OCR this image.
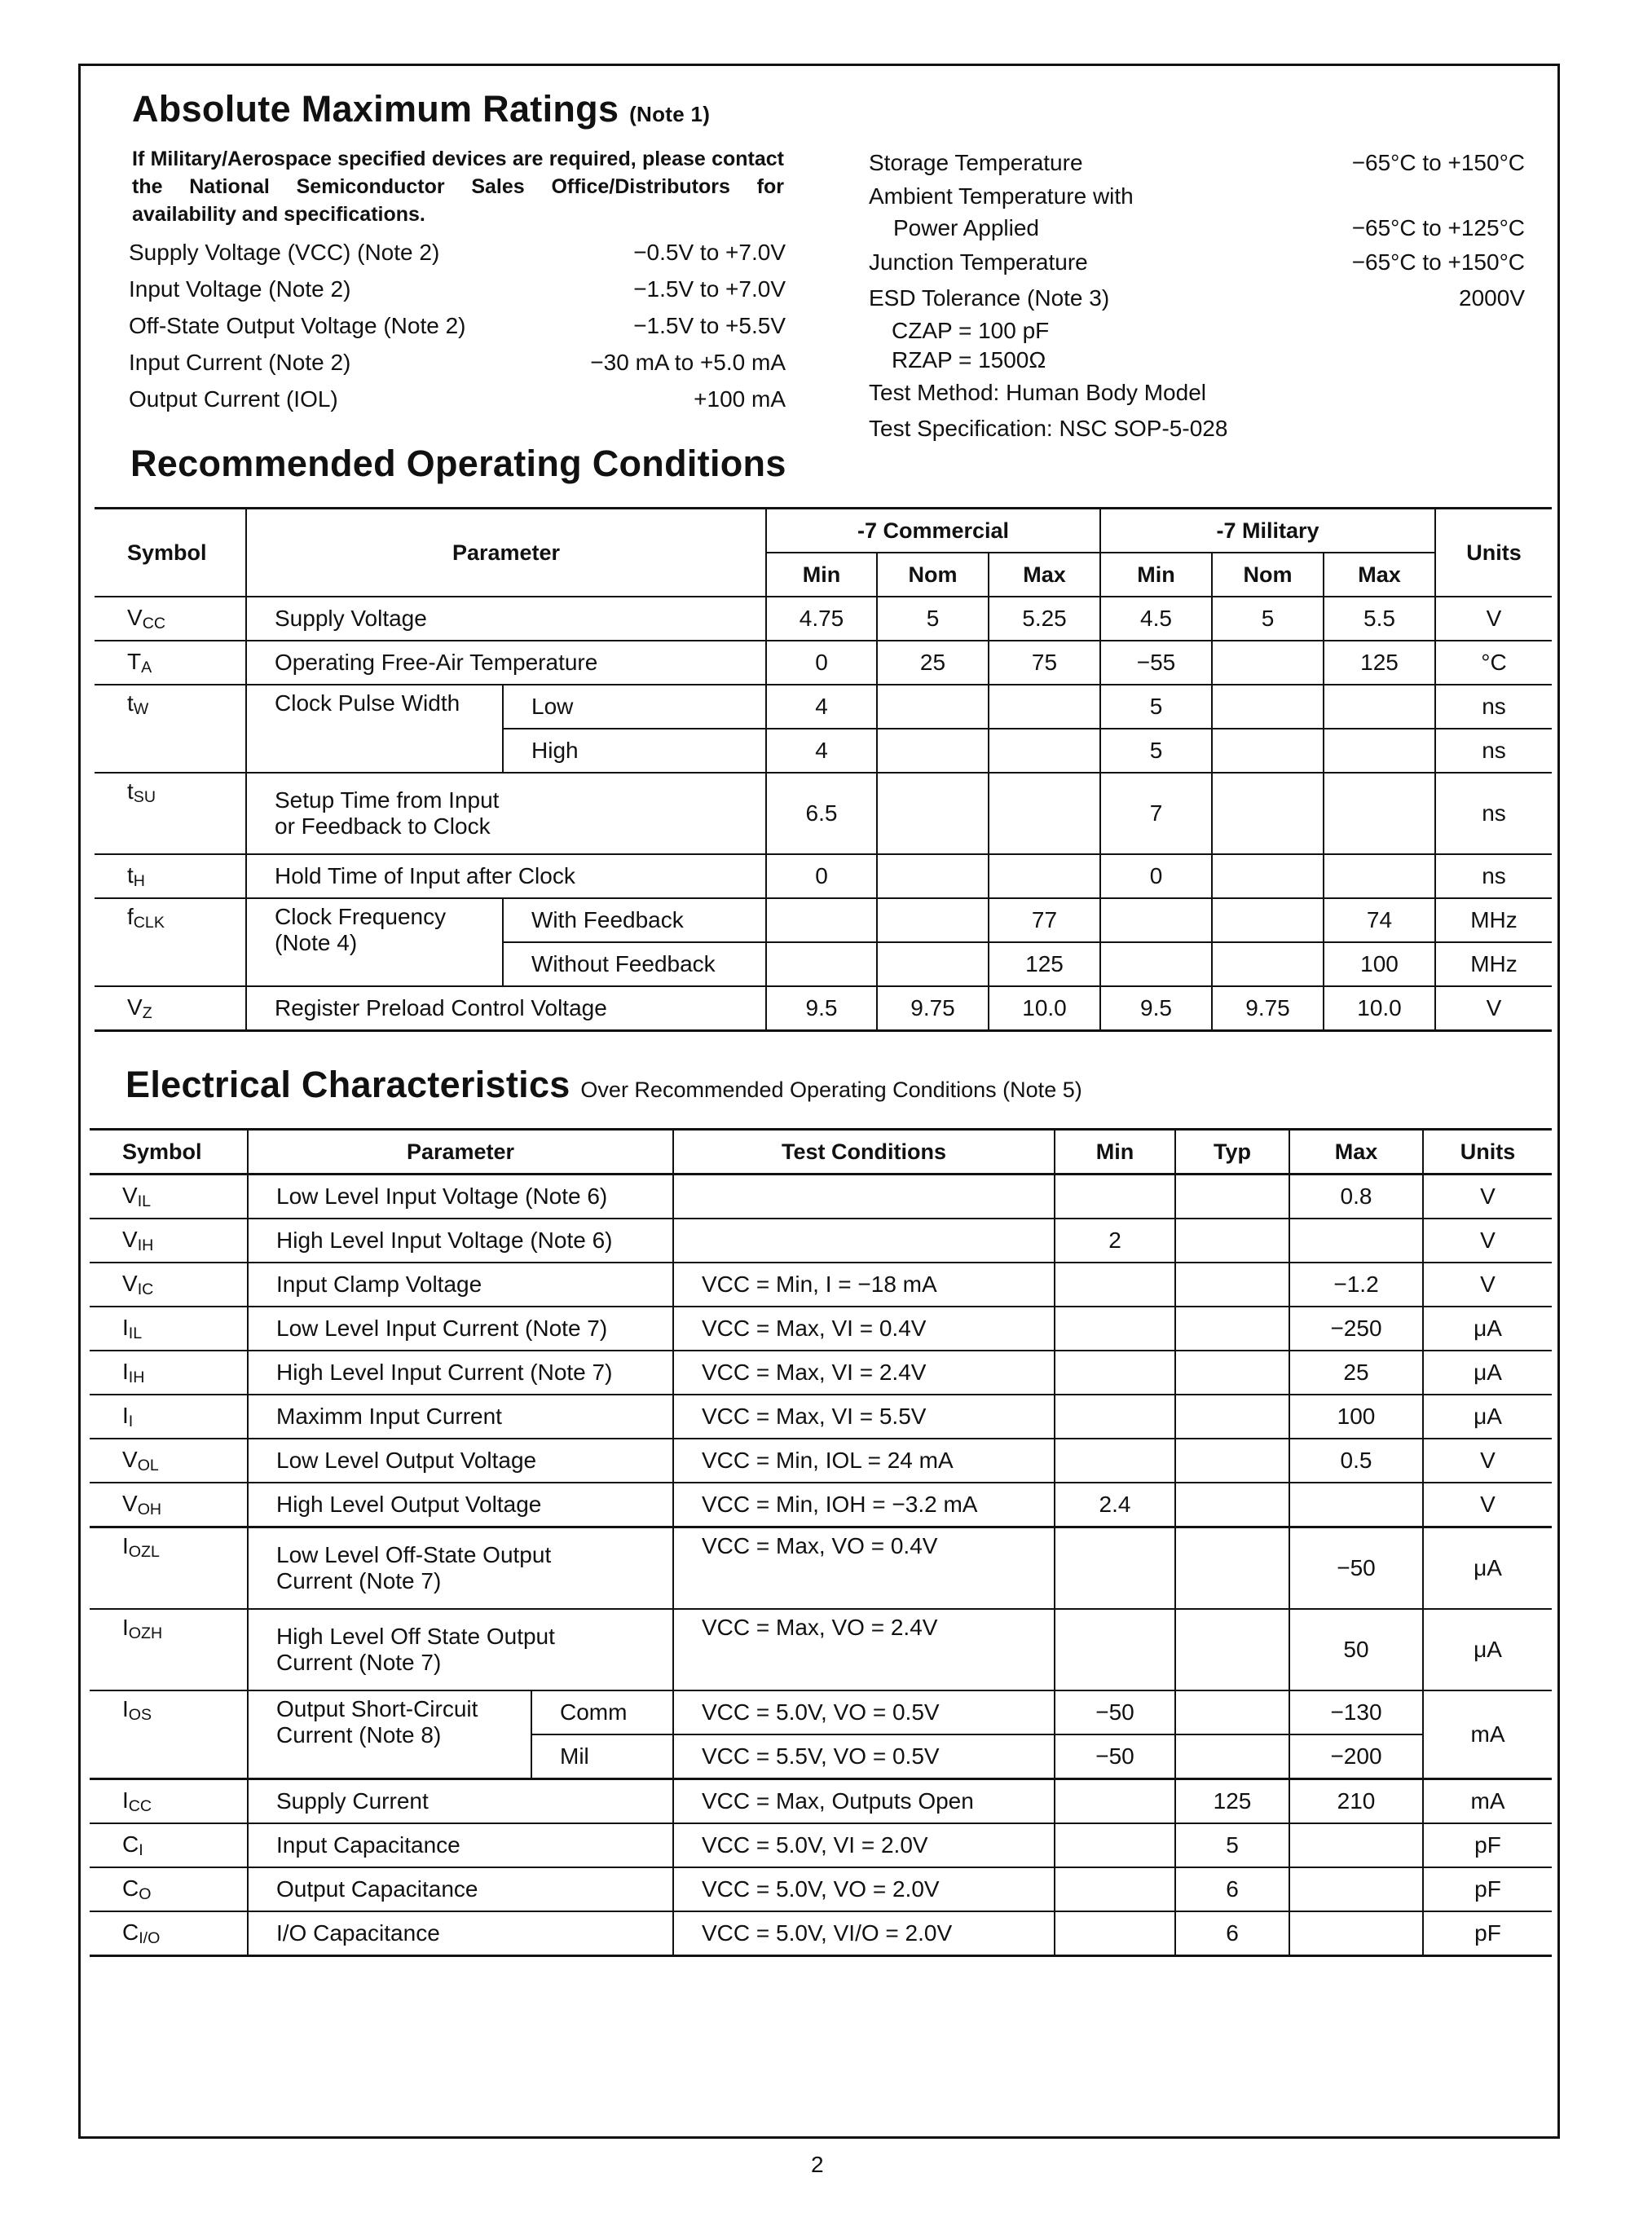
Absolute Maximum Ratings (Note 1)
If Military/Aerospace specified devices are required, please contact the National Semiconductor Sales Office/Distributors for availability and specifications.
Supply Voltage (VCC) (Note 2)	−0.5V to +7.0V
Input Voltage (Note 2)	−1.5V to +7.0V
Off-State Output Voltage (Note 2)	−1.5V to +5.5V
Input Current (Note 2)	−30 mA to +5.0 mA
Output Current (IOL)	+100 mA
Storage Temperature	−65°C to +150°C
Ambient Temperature with
Power Applied	−65°C to +125°C
Junction Temperature	−65°C to +150°C
ESD Tolerance (Note 3)	2000V
CZAP = 100 pF
RZAP = 1500Ω
Test Method: Human Body Model
Test Specification: NSC SOP-5-028
Recommended Operating Conditions
Symbol	Parameter		-7 Commercial			-7 Military			Units
			Min	Nom	Max	Min	Nom	Max	
VCC	Supply Voltage		4.75	5	5.25	4.5	5	5.5	V
TA	Operating Free-Air Temperature		0	25	75	−55		125	°C
tW	Clock Pulse Width	Low	4			5			ns
		High	4			5			ns
tSU	Setup Time from Input
or Feedback to Clock		6.5			7			ns
tH	Hold Time of Input after Clock		0			0			ns
fCLK	Clock Frequency
(Note 4)	With Feedback			77			74	MHz
		Without Feedback			125			100	MHz
VZ	Register Preload Control Voltage		9.5	9.75	10.0	9.5	9.75	10.0	V
Electrical Characteristics Over Recommended Operating Conditions (Note 5)
Symbol	Parameter		Test Conditions	Min	Typ	Max	Units
VIL	Low Level Input Voltage (Note 6)					0.8	V
VIH	High Level Input Voltage (Note 6)			2			V
VIC	Input Clamp Voltage		VCC = Min, I = −18 mA			−1.2	V
IIL	Low Level Input Current (Note 7)		VCC = Max, VI = 0.4V			−250	μA
IIH	High Level Input Current (Note 7)		VCC = Max, VI = 2.4V			25	μA
II	Maximm Input Current		VCC = Max, VI = 5.5V			100	μA
VOL	Low Level Output Voltage		VCC = Min, IOL = 24 mA			0.5	V
VOH	High Level Output Voltage		VCC = Min, IOH = −3.2 mA	2.4			V
IOZL	Low Level Off-State Output
Current (Note 7)		VCC = Max, VO = 0.4V			−50	μA
IOZH	High Level Off State Output
Current (Note 7)		VCC = Max, VO = 2.4V			50	μA
IOS	Output Short-Circuit
Current (Note 8)	Comm	VCC = 5.0V, VO = 0.5V	−50		−130	mA
		Mil	VCC = 5.5V, VO = 0.5V	−50		−200	
ICC	Supply Current		VCC = Max, Outputs Open		125	210	mA
CI	Input Capacitance		VCC = 5.0V, VI = 2.0V		5		pF
CO	Output Capacitance		VCC = 5.0V, VO = 2.0V		6		pF
CI/O	I/O Capacitance		VCC = 5.0V, VI/O = 2.0V		6		pF
2
